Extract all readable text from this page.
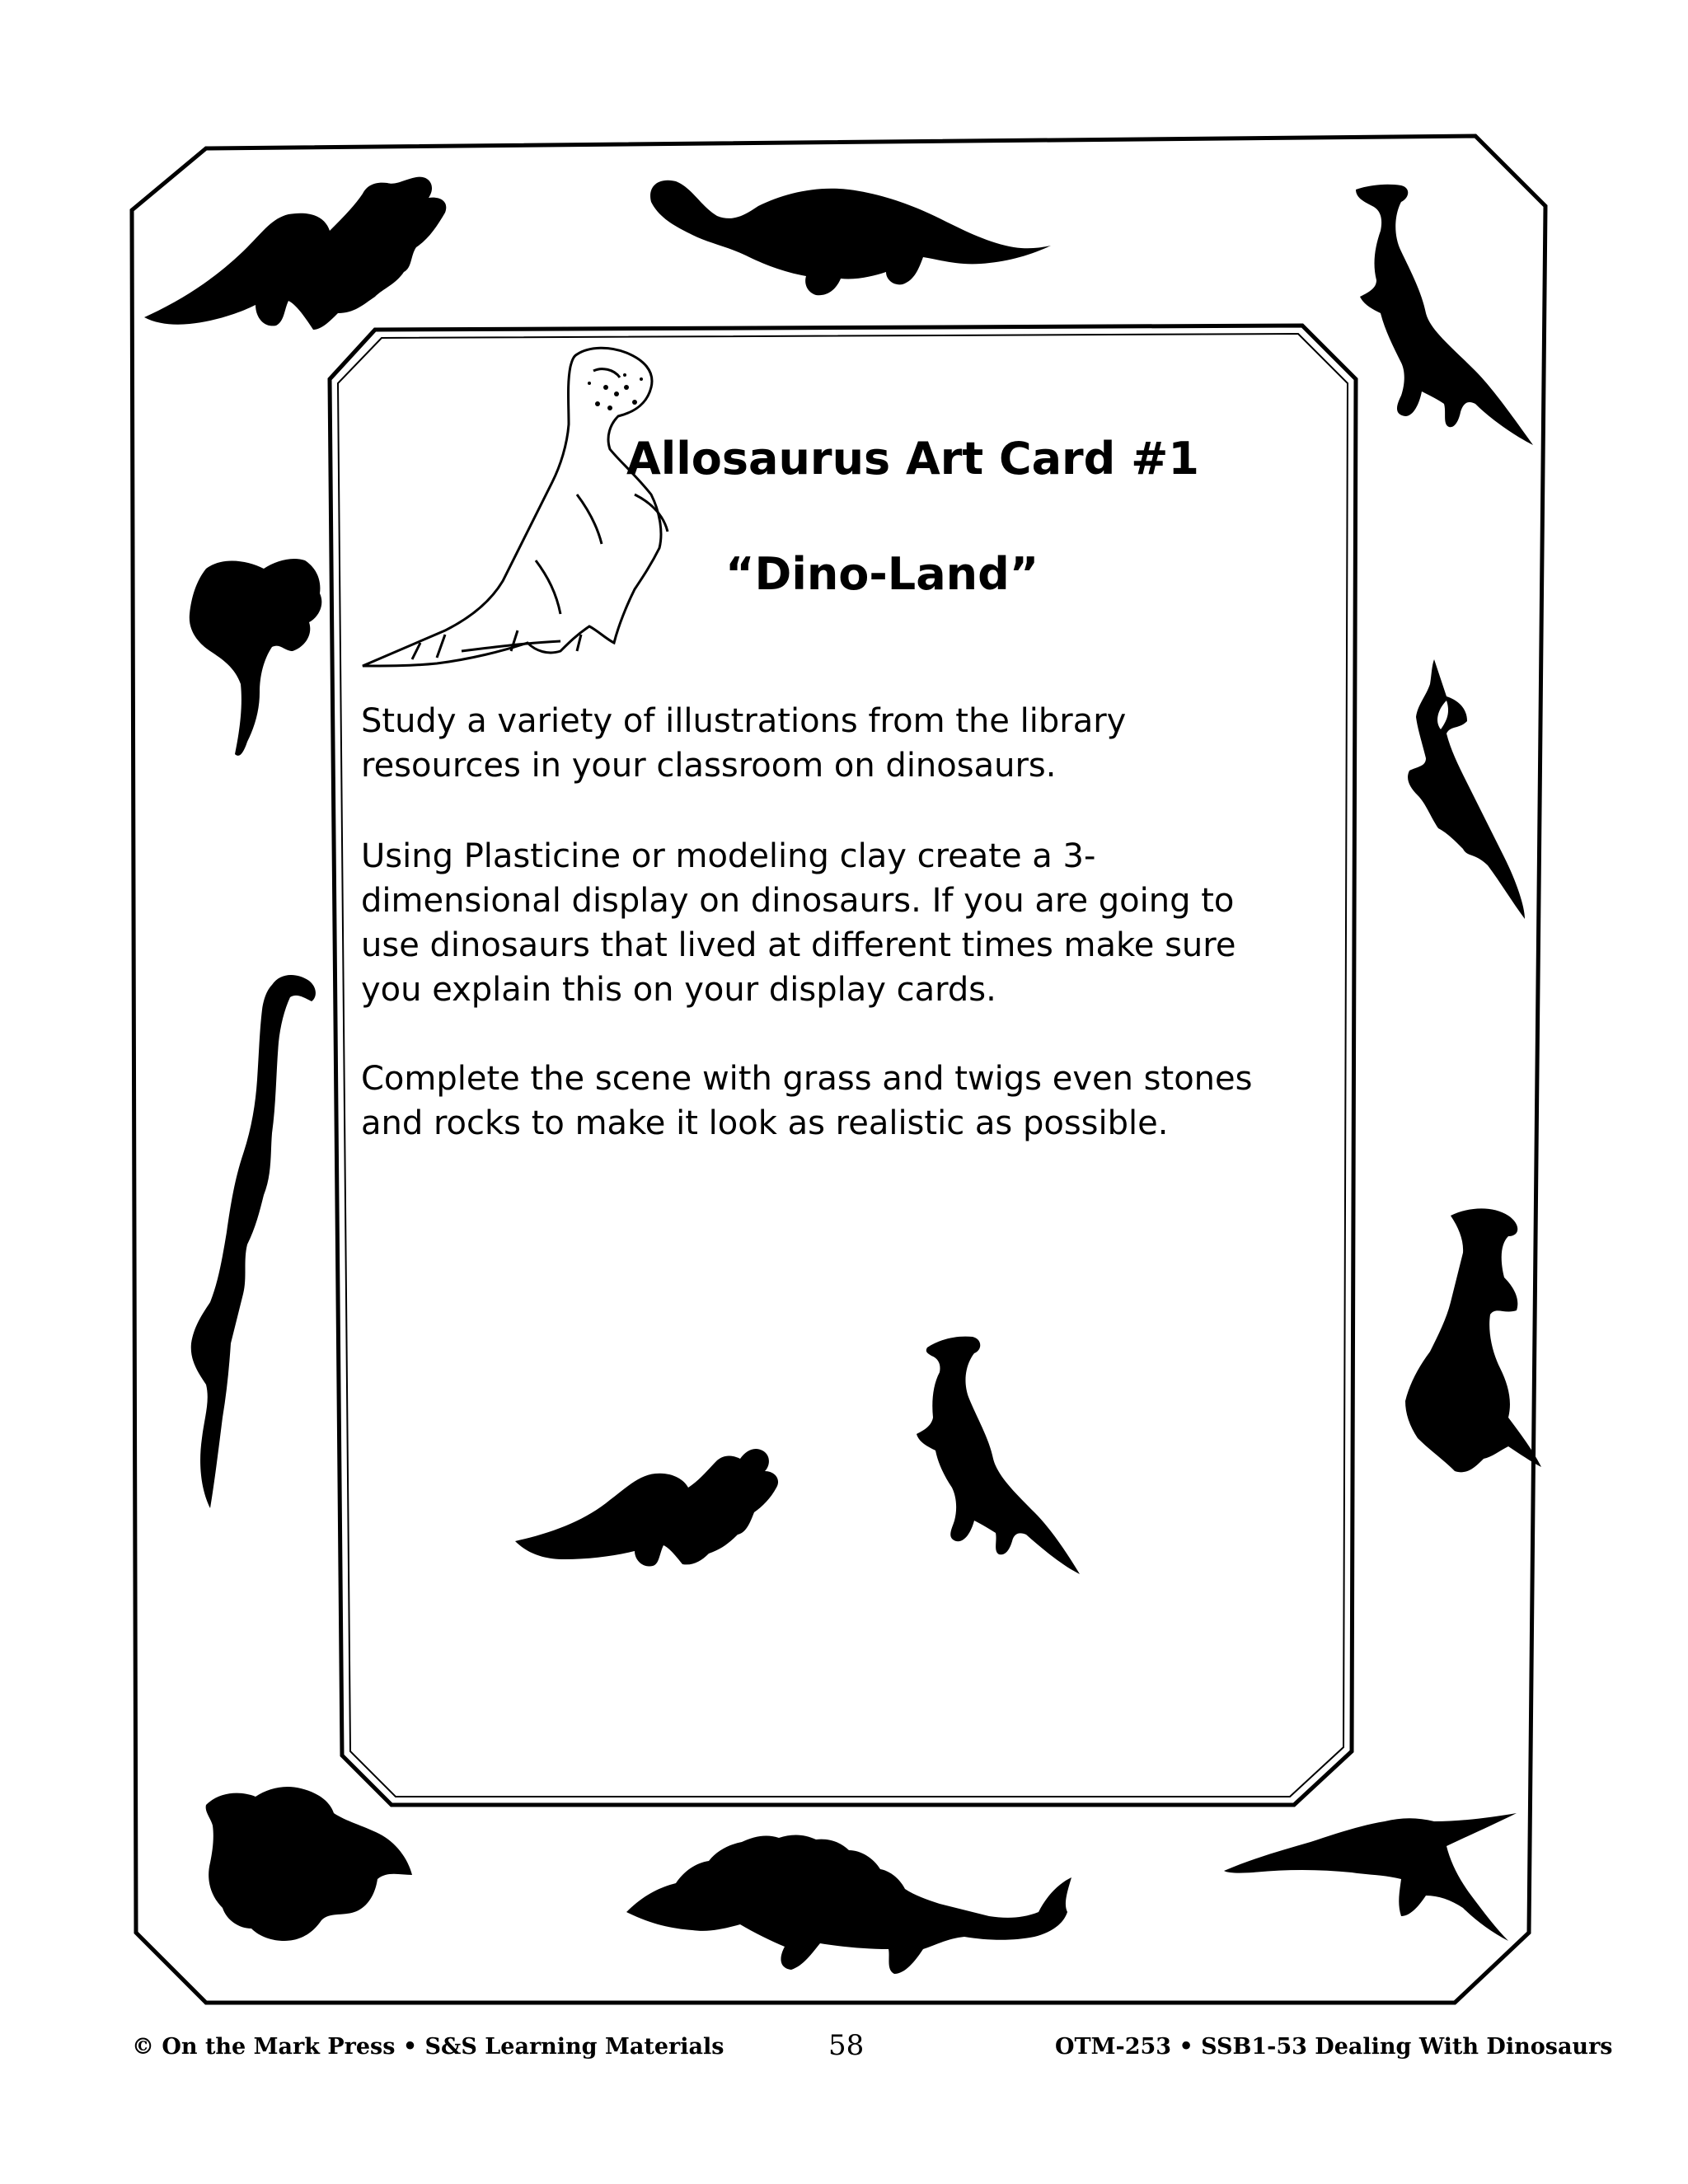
Allosaurus Art Card #1
“Dino-Land”

Study a variety of illustrations from the library resources in your classroom on dinosaurs.

Using Plasticine or modeling clay create a 3-dimensional display on dinosaurs. If you are going to use dinosaurs that lived at different times make sure you explain this on your display cards.

Complete the scene with grass and twigs even stones and rocks to make it look as realistic as possible.

© On the Mark Press • S&S Learning Materials	58	OTM-253 • SSB1-53 Dealing With Dinosaurs
